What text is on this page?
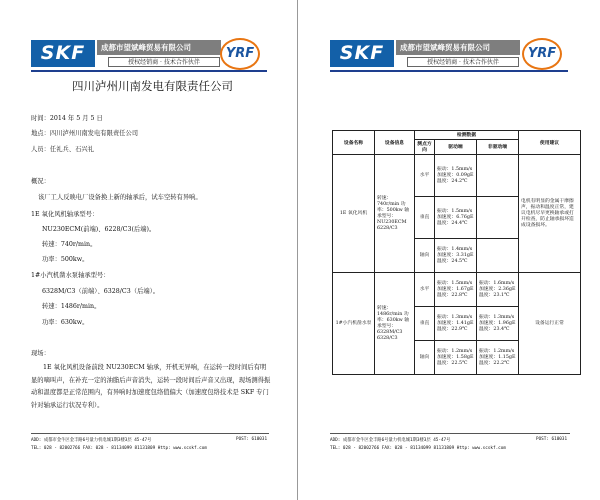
SKF	成都市望斌峰贸易有限公司
授权经销商 · 技术合作伙伴
YRF
四川泸州川南发电有限责任公司
时间：2014 年 5 月 5 日
地点：四川泸州川南发电有限责任公司
人员：任礼兵、石兴礼
概况：
该厂工人反映电厂设备换上新的轴承后，试车空转有异响。
1E 氧化风机轴承型号：
NU230ECM(前端)、6228/C3(后端)。
转速：740r/min。
功率：500kw。
1#小汽机凿水泵轴承型号：
6328M/C3（前端）、6328/C3（后端）。
转速：1486r/min。
功率：630kw。
现场：
1E 氧化风机设备前段 NU230ECM 轴承，开机无异响，在运转一段时间后有明显的嘀叫声，在补充一定的油脂后声音消失，运转一段时间后声音又出现，现场测得振动和温度都是正常范围内，有异响时加速度包络值偏大（加速度包络技术是 SKF 专门针对轴承运行状况专利）。
ADD: 成都市金牛区金丰路6号量力机电城1期3楼3层 45-47号	POST: 610031
TEL: 028 - 82002766 FAX: 028 - 81134099 81131809 Http: www.scskf.com
SKF	成都市望斌峰贸易有限公司
授权经销商 · 技术合作伙伴
YRF
ADD: 成都市金牛区金丰路6号量力机电城1期3楼3层 45-47号	POST: 610031
TEL: 028 - 82002766 FAX: 028 - 81134099 81131809 Http: www.scskf.com
设备名称	设备信息	检测数据			使用建议
		测点方向	驱动端	非驱动端	
1E 氧化风机	转速：740r/min 功率：500kw 轴承型号：NU230ECM 6228/C3	水平	振动：1.5mm/s 加速度：0.09gE 温度：24.2℃		电机有明显的金属干摩擦声，振动和温度正常，建议电机尽早更换轴承或打开检查，防止轴承损坏造成设备损坏。
		垂直	振动：1.5mm/s 加速度：6.76gE 温度：24.4℃		
		轴向	振动：1.4mm/s 加速度：3.31gE 温度：24.5℃		
1#小汽机凿水泵	转速：1486r/min 功率：630kw 轴承型号：6328M/C3 6328/C3	水平	振动：1.5mm/s 加速度：1.67gE 温度：22.8℃	振动：1.6mm/s 加速度：2.36gE 温度：23.1℃	设备运行正常
		垂直	振动：1.3mm/s 加速度：1.41gE 温度：22.9℃	振动：1.3mm/s 加速度：1.96gE 温度：23.4℃	
		轴向	振动：1.2mm/s 加速度：1.58gE 温度：22.5℃	振动：1.2mm/s 加速度：1.15gE 温度：22.2℃	
